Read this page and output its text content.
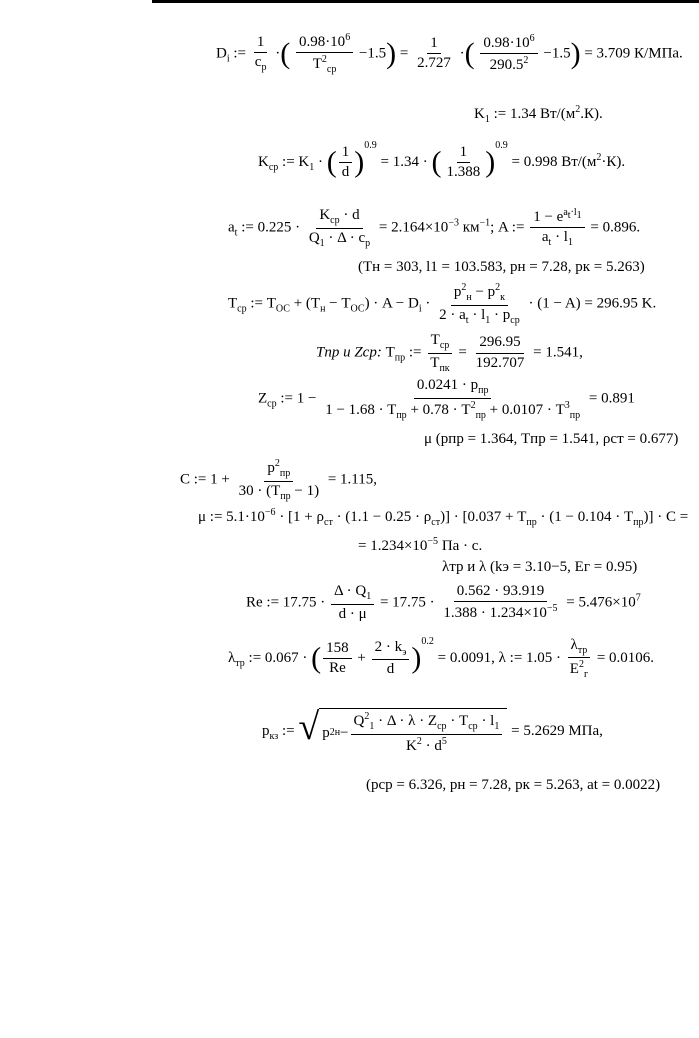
$D_i$ := $\frac{1}{c_p}$ ·( $\frac{0.98\cdot 10^6}{T^2_{ср}} -1.5) = \frac{1}{2.727}$ ·( $\frac{0.98\cdot 10^6}{290.5^2} -1.5) = 3.709$ К/МПа.
$K_1$ := 1.34 $Вт/(м^2.К)$.
$K_{ср}$ := $K_1$ · ( $\frac{1}{d} )^{0.9} = 1.34$ · ( $\frac{1}{1.388} )^{0.9} = 0.998$ $Вт/(м^2\cdot К)$.
$a_t$ := $0.225 \cdot \frac{K_{ср} \cdot d}{Q_1 \cdot \Delta \cdot c_p} = 2.164\times 10^{-3}$ $км^{-1}$; A := $\frac{1 - e^{a_t\cdot l_1}}{a_t \cdot l_1} = 0.896$.
(Tн = 303, l1 = 103.583, pн = 7.28, pк = 5.263)
$T_{ср}$ := $T_{ОС} + (T_н - T_{ОС}) \cdot A - D_i \cdot \frac{p^2_н - p^2_к}{2 \cdot a_t \cdot l_1 \cdot p_{ср}} \cdot (1 - A) = 296.95$ K.
Tпр и Zср: $T_{пр}$ := $\frac{T_{ср}}{T_{пк}} = \frac{296.95}{192.707} = 1.541$,
$Z_{ср}$ := $1 - \frac{0.0241 \cdot p_{пр}}{1 - 1.68 \cdot T_{пр} + 0.78 \cdot T^2_{пр} + 0.0107 \cdot T^3_{пр}} = 0.891$
μ (pпр = 1.364, Tпр = 1.541, ρст = 0.677)
C := $1 + \frac{p^2_{пр}}{30 \cdot (T_{пр} - 1)} = 1.115$,
μ := $5.1\cdot 10^{-6} \cdot [1 + \rho_{ст} \cdot (1.1 - 0.25 \cdot \rho_{ст})] \cdot [0.037 + T_{пр} \cdot (1 - 0.104 \cdot T_{пр})] \cdot C$ =
= $1.234\times 10^{-5}$ Па · с.
λтр и λ (kэ = 3.10−5, Eг = 0.95)
Re := $17.75 \cdot \frac{\Delta \cdot Q_1}{d \cdot \mu} = 17.75 \cdot \frac{0.562 \cdot 93.919}{1.388 \cdot 1.234\times 10^{-5}} = 5.476\times 10^7$
$\lambda_{тр}$ := 0.067 · ( $\frac{158}{Re} + \frac{2 \cdot k_э}{d} )^{0.2} = 0.0091$, λ := $1.05 \cdot \frac{\lambda_{тр}}{E^2_г} = 0.0106$.
$p_{кз}$ := √ p 2 $н - \frac{Q^2_1 \cdot \Delta \cdot \lambda \cdot Z_{ср} \cdot T_{ср} \cdot l_1}{K^2 \cdot d^5} = 5.2629$ МПа,
(pср = 6.326, pн = 7.28, pк = 5.263, at = 0.0022)
